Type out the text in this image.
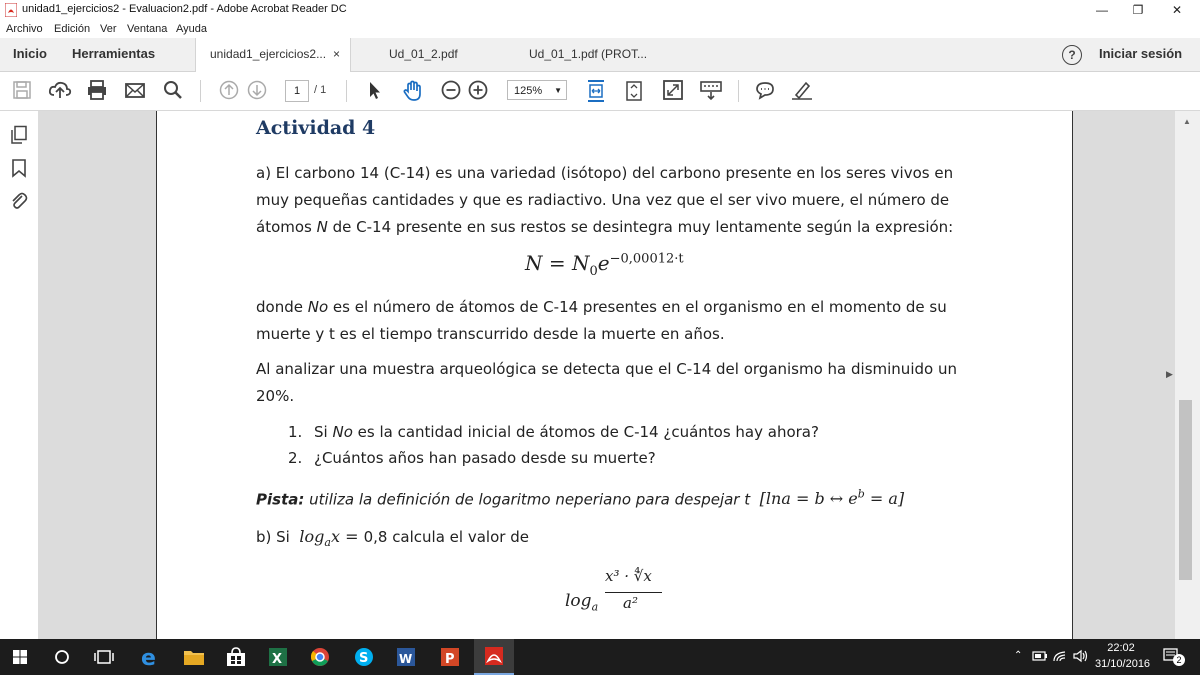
unidad1_ejercicios2 - Evaluacion2.pdf - Adobe Acrobat Reader DC	—	❐	✕
Archivo Edición Ver Ventana Ayuda
Inicio Herramientas	unidad1_ejercicios2... ×	Ud_01_2.pdf	Ud_01_1.pdf (PROT...	?	Iniciar sesión
1	/ 1	125% ▼
Actividad 4
a) El carbono 14 (C-14) es una variedad (isótopo) del carbono presente en los seres vivos en
muy pequeñas cantidades y que es radiactivo. Una vez que el ser vivo muere, el número de
átomos N de C-14 presente en sus restos se desintegra muy lentamente según la expresión:
$N = N_0e^{-0,00012\cdot t}$
donde No es el número de átomos de C-14 presentes en el organismo en el momento de su
muerte y t es el tiempo transcurrido desde la muerte en años.
Al analizar una muestra arqueológica se detecta que el C-14 del organismo ha disminuido un
20%.
1. Si No es la cantidad inicial de átomos de C-14 ¿cuántos hay ahora?
2. ¿Cuántos años han pasado desde su muerte?
Pista: utiliza la definición de logaritmo neperiano para despejar t [lna = b ↔ $e^b = a$]
b) Si $\log_ax = 0,8$ calcula el valor de
$\log_a$
x³ · ∜x
a²
▶
▲
e	X	S	W	P	⌃
22:02
31/10/2016	2
